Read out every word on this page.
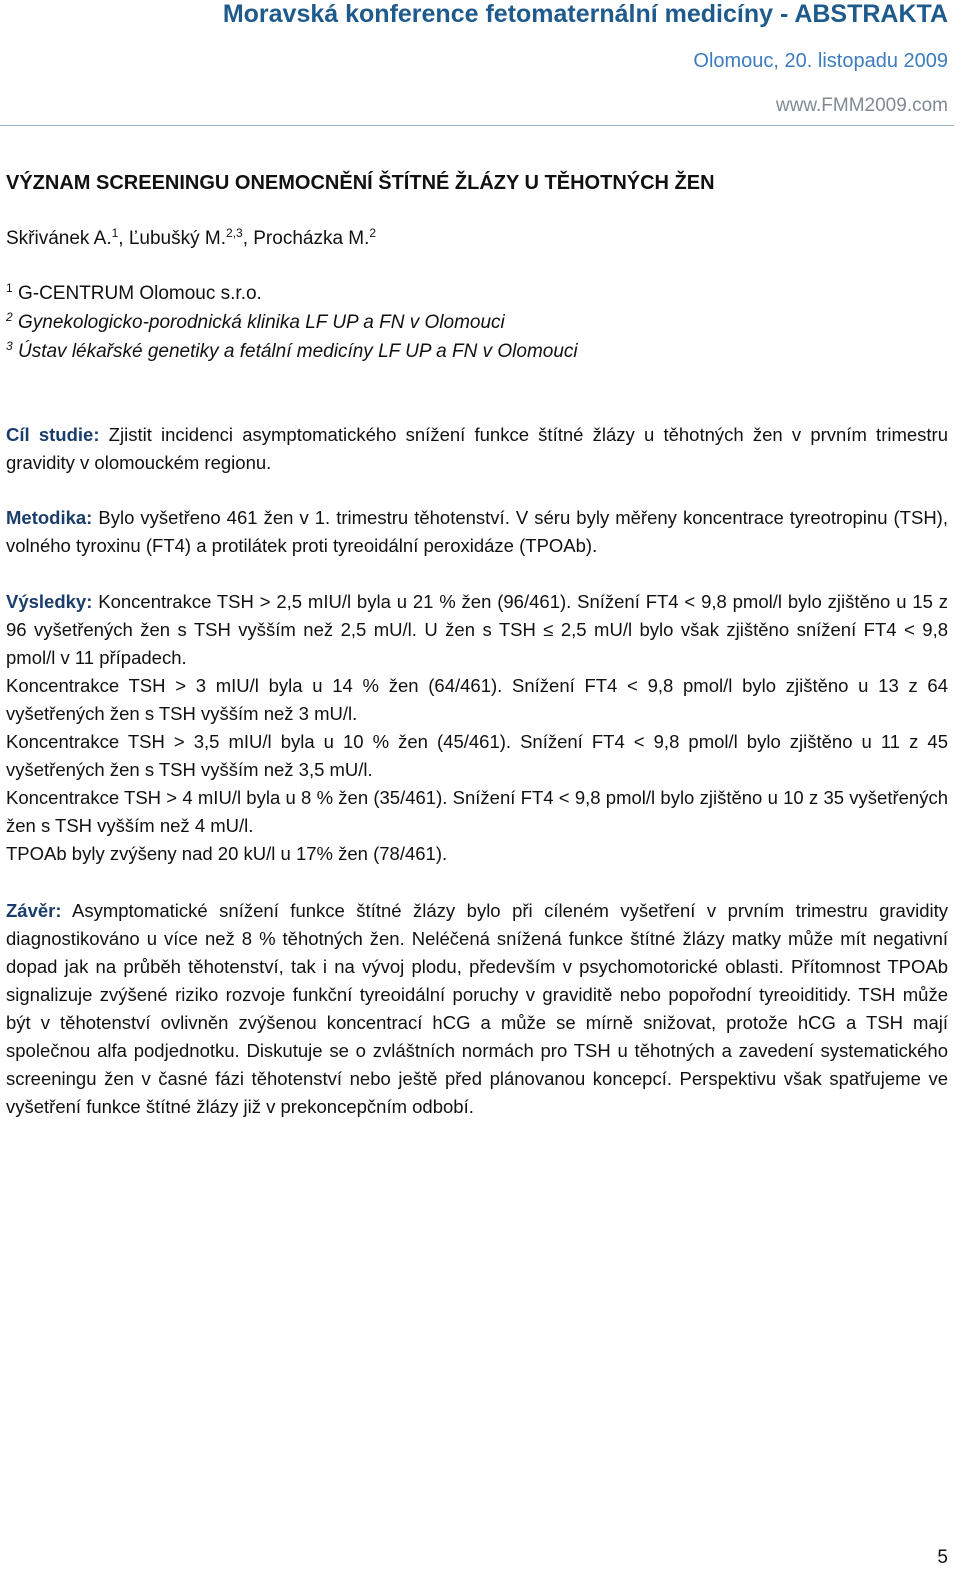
Moravská konference fetomaternální medicíny - ABSTRAKTA
Olomouc, 20. listopadu 2009
www.FMM2009.com
VÝZNAM SCREENINGU ONEMOCNĚNÍ ŠTÍTNÉ ŽLÁZY U TĚHOTNÝCH ŽEN
Skřivánek A.$^1$, Ľubušký M.$^{2,3}$, Procházka M.$^2$
$^1$ G-CENTRUM Olomouc s.r.o.
$^2$ Gynekologicko-porodnická klinika LF UP a FN v Olomouci
$^3$ Ústav lékařské genetiky a fetální medicíny LF UP a FN v Olomouci

Cíl studie: Zjistit incidenci asymptomatického snížení funkce štítné žlázy u těhotných žen v prvním trimestru gravidity v olomouckém regionu.

Metodika: Bylo vyšetřeno 461 žen v 1. trimestru těhotenství. V séru byly měřeny koncentrace tyreotropinu (TSH), volného tyroxinu (FT4) a protilátek proti tyreoidální peroxidáze (TPOAb).

Výsledky: Koncentrakce TSH > 2,5 mIU/l byla u 21 % žen (96/461). Snížení FT4 < 9,8 pmol/l bylo zjištěno u 15 z 96 vyšetřených žen s TSH vyšším než 2,5 mU/l. U žen s TSH ≤ 2,5 mU/l bylo však zjištěno snížení FT4 < 9,8 pmol/l v 11 případech.

Koncentrakce TSH > 3 mIU/l byla u 14 % žen (64/461). Snížení FT4 < 9,8 pmol/l bylo zjištěno u 13 z 64 vyšetřených žen s TSH vyšším než 3 mU/l.

Koncentrakce TSH > 3,5 mIU/l byla u 10 % žen (45/461). Snížení FT4 < 9,8 pmol/l bylo zjištěno u 11 z 45 vyšetřených žen s TSH vyšším než 3,5 mU/l.

Koncentrakce TSH > 4 mIU/l byla u 8 % žen (35/461). Snížení FT4 < 9,8 pmol/l bylo zjištěno u 10 z 35 vyšetřených žen s TSH vyšším než 4 mU/l.

TPOAb byly zvýšeny nad 20 kU/l u 17% žen (78/461).

Závěr: Asymptomatické snížení funkce štítné žlázy bylo při cíleném vyšetření v prvním trimestru gravidity diagnostikováno u více než 8 % těhotných žen. Neléčená snížená funkce štítné žlázy matky může mít negativní dopad jak na průběh těhotenství, tak i na vývoj plodu, především v psychomotorické oblasti. Přítomnost TPOAb signalizuje zvýšené riziko rozvoje funkční tyreoidální poruchy v graviditě nebo popořodní tyreoiditidy. TSH může být v těhotenství ovlivněn zvýšenou koncentrací hCG a může se mírně snižovat, protože hCG a TSH mají společnou alfa podjednotku. Diskutuje se o zvláštních normách pro TSH u těhotných a zavedení systematického screeningu žen v časné fázi těhotenství nebo ještě před plánovanou koncepcí. Perspektivu však spatřujeme ve vyšetření funkce štítné žlázy již v prekoncepčním odbobí.

5
